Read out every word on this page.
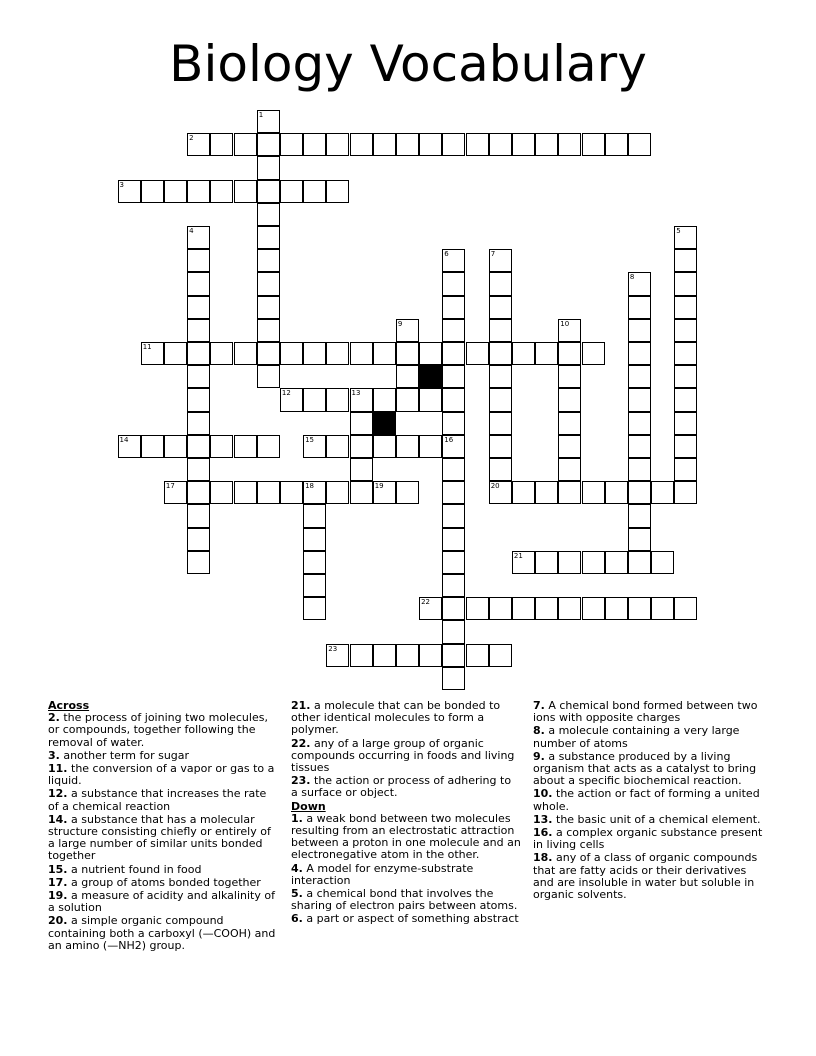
Biology Vocabulary
1
2
3
4	5
6	7
8
9	10
11
12	13
14	15	16
17	18	19	20
21
22
23
Across
2. the process of joining two molecules, or compounds, together following the removal of water.
3. another term for sugar
11. the conversion of a vapor or gas to a liquid.
12. a substance that increases the rate of a chemical reaction
14. a substance that has a molecular structure consisting chiefly or entirely of a large number of similar units bonded together
15. a nutrient found in food
17. a group of atoms bonded together
19. a measure of acidity and alkalinity of a solution
20. a simple organic compound containing both a carboxyl (—COOH) and an amino (—NH2) group.
21. a molecule that can be bonded to other identical molecules to form a polymer.
22. any of a large group of organic compounds occurring in foods and living tissues
23. the action or process of adhering to a surface or object.
Down
1. a weak bond between two molecules resulting from an electrostatic attraction between a proton in one molecule and an electronegative atom in the other.
4. A model for enzyme-substrate interaction
5. a chemical bond that involves the sharing of electron pairs between atoms.
6. a part or aspect of something abstract
7. A chemical bond formed between two ions with opposite charges
8. a molecule containing a very large number of atoms
9. a substance produced by a living organism that acts as a catalyst to bring about a specific biochemical reaction.
10. the action or fact of forming a united whole.
13. the basic unit of a chemical element.
16. a complex organic substance present in living cells
18. any of a class of organic compounds that are fatty acids or their derivatives and are insoluble in water but soluble in organic solvents.
